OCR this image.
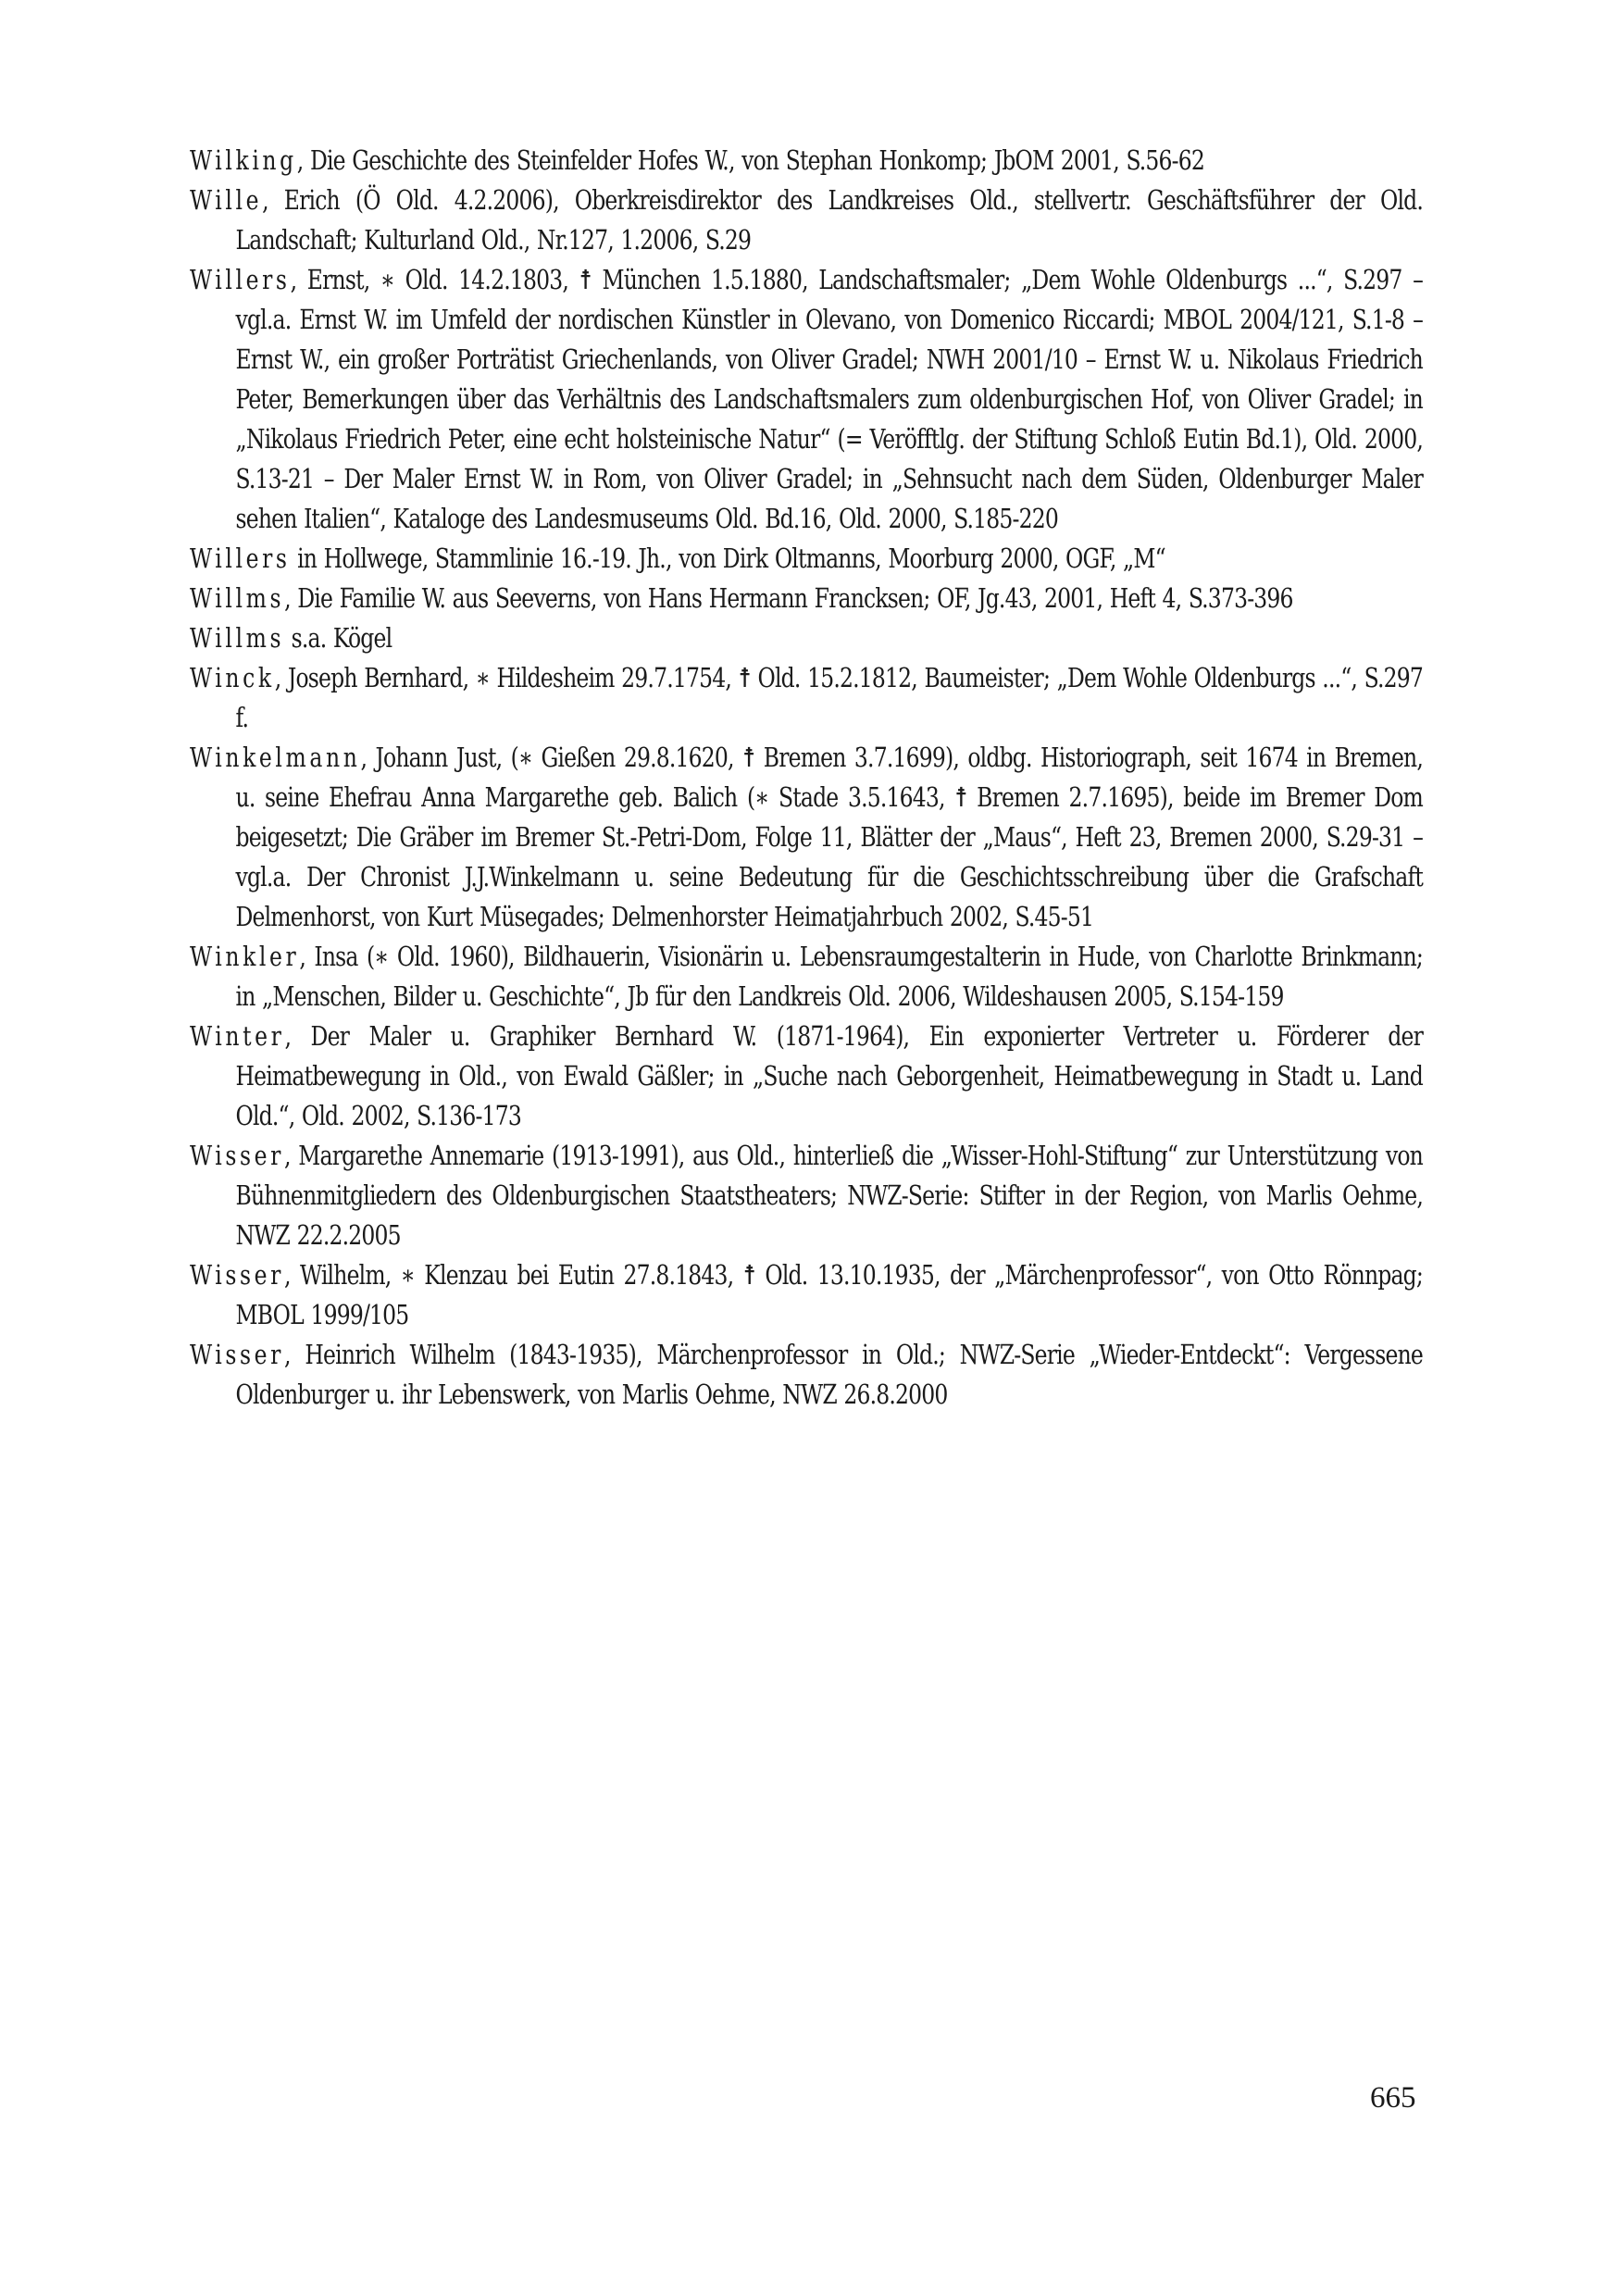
Wilking, Die Geschichte des Steinfelder Hofes W., von Stephan Honkomp; JbOM 2001, S.56-62

Wille, Erich (Ö Old. 4.2.2006), Oberkreisdirektor des Landkreises Old., stellvertr. Geschäftsführer der Old. Landschaft; Kulturland Old., Nr.127, 1.2006, S.29

Willers, Ernst, ∗ Old. 14.2.1803, ☨ München 1.5.1880, Landschaftsmaler; „Dem Wohle Oldenburgs ...“, S.297 – vgl.a. Ernst W. im Umfeld der nordischen Künstler in Olevano, von Domenico Riccardi; MBOL 2004/121, S.1-8 – Ernst W., ein großer Porträtist Griechenlands, von Oliver Gradel; NWH 2001/10 – Ernst W. u. Nikolaus Friedrich Peter, Bemerkungen über das Verhältnis des Landschaftsmalers zum oldenburgischen Hof, von Oliver Gradel; in „Nikolaus Friedrich Peter, eine echt holsteinische Natur“ (= Veröfftlg. der Stiftung Schloß Eutin Bd.1), Old. 2000, S.13-21 – Der Maler Ernst W. in Rom, von Oliver Gradel; in „Sehnsucht nach dem Süden, Oldenburger Maler sehen Italien“, Kataloge des Landesmuseums Old. Bd.16, Old. 2000, S.185-220

Willers in Hollwege, Stammlinie 16.-19. Jh., von Dirk Oltmanns, Moorburg 2000, OGF, „M“

Willms, Die Familie W. aus Seeverns, von Hans Hermann Francksen; OF, Jg.43, 2001, Heft 4, S.373-396

Willms s.a. Kögel

Winck, Joseph Bernhard, ∗ Hildesheim 29.7.1754, ☨ Old. 15.2.1812, Baumeister; „Dem Wohle Oldenburgs ...“, S.297 f.

Winkelmann, Johann Just, (∗ Gießen 29.8.1620, ☨ Bremen 3.7.1699), oldbg. Historiograph, seit 1674 in Bremen, u. seine Ehefrau Anna Margarethe geb. Balich (∗ Stade 3.5.1643, ☨ Bremen 2.7.1695), beide im Bremer Dom beigesetzt; Die Gräber im Bremer St.-Petri-Dom, Folge 11, Blätter der „Maus“, Heft 23, Bremen 2000, S.29-31 – vgl.a. Der Chronist J.J.Winkelmann u. seine Bedeutung für die Geschichtsschreibung über die Grafschaft Delmenhorst, von Kurt Müsegades; Delmenhorster Heimatjahrbuch 2002, S.45-51

Winkler, Insa (∗ Old. 1960), Bildhauerin, Visionärin u. Lebensraumgestalterin in Hude, von Charlotte Brinkmann; in „Menschen, Bilder u. Geschichte“, Jb für den Landkreis Old. 2006, Wildeshausen 2005, S.154-159

Winter, Der Maler u. Graphiker Bernhard W. (1871-1964), Ein exponierter Vertreter u. Förderer der Heimatbewegung in Old., von Ewald Gäßler; in „Suche nach Geborgenheit, Heimatbewegung in Stadt u. Land Old.“, Old. 2002, S.136-173

Wisser, Margarethe Annemarie (1913-1991), aus Old., hinterließ die „Wisser-Hohl-Stiftung“ zur Unterstützung von Bühnenmitgliedern des Oldenburgischen Staatstheaters; NWZ-Serie: Stifter in der Region, von Marlis Oehme, NWZ 22.2.2005

Wisser, Wilhelm, ∗ Klenzau bei Eutin 27.8.1843, ☨ Old. 13.10.1935, der „Märchenprofessor“, von Otto Rönnpag; MBOL 1999/105

Wisser, Heinrich Wilhelm (1843-1935), Märchenprofessor in Old.; NWZ-Serie „Wieder-Entdeckt“: Vergessene Oldenburger u. ihr Lebenswerk, von Marlis Oehme, NWZ 26.8.2000

665
